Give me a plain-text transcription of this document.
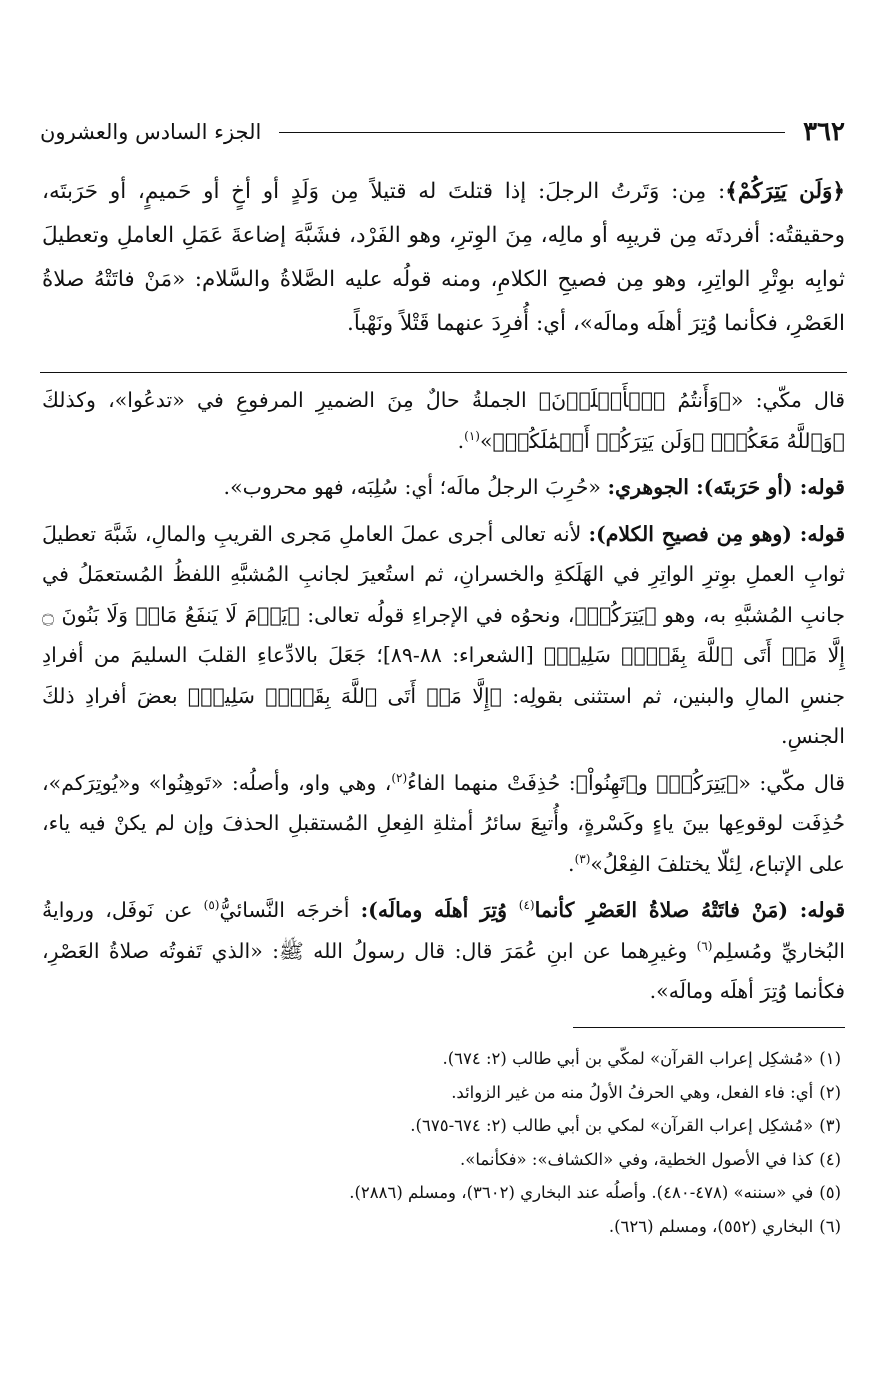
٣٦٢
الجزء السادس والعشرون

﴿وَلَن يَتِرَكُمْ﴾: مِن: وَتَرتُ الرجلَ: إذا قتلتَ له قتيلاً مِن وَلَدٍ أو أخٍ أو حَميمٍ، أو حَرَبتَه، وحقيقتُه: أفردتَه مِن قريبِه أو مالِه، مِنَ الوِترِ، وهو الفَرْد، فشَبَّهَ إضاعةَ عَمَلِ العاملِ وتعطيلَ ثوابِه بوِتْرِ الواتِرِ، وهو مِن فصيحِ الكلامِ، ومنه قولُه عليه الصَّلاةُ والسَّلام: «مَنْ فاتَتْهُ صلاةُ العَصْرِ، فكأنما وُتِرَ أهلَه ومالَه»، أي: أُفرِدَ عنهما قَتْلاً ونَهْباً.

قال مكّي: «﴿وَأَنتُمُ ٱلۡأَعۡلَوۡنَ﴾ الجملةُ حالٌ مِنَ الضميرِ المرفوعِ في «تدعُوا»، وكذلكَ ﴿وَٱللَّهُ مَعَكُمۡ﴾ ﴿وَلَن يَتِرَكُمۡ أَعۡمَٰلَكُمۡ﴾»$^{(١)}$.

قوله: (أو حَرَبتَه): الجوهري: «حُرِبَ الرجلُ مالَه؛ أي: سُلِبَه، فهو محروب».

قوله: (وهو مِن فصيحِ الكلام): لأنه تعالى أجرى عملَ العاملِ مَجرى القريبِ والمالِ، شَبَّهَ تعطيلَ ثوابِ العملِ بوِترِ الواتِرِ في الهَلَكةِ والخسرانِ، ثم استُعيرَ لجانبِ المُشبَّهِ اللفظُ المُستعمَلُ في جانبِ المُشبَّهِ به، وهو ﴿يَتِرَكُمۡ﴾، ونحوُه في الإجراءِ قولُه تعالى: ﴿يَوۡمَ لَا يَنفَعُ مَالٞ وَلَا بَنُونَ ۝ إِلَّا مَنۡ أَتَى ٱللَّهَ بِقَلۡبٖ سَلِيمٖ﴾ [الشعراء: ٨٨-٨٩]؛ جَعَلَ بالادِّعاءِ القلبَ السليمَ من أفرادِ جنسِ المالِ والبنين، ثم استثنى بقولِه: ﴿إِلَّا مَنۡ أَتَى ٱللَّهَ بِقَلۡبٖ سَلِيمٖ﴾ بعضَ أفرادِ ذلكَ الجنسِ.

قال مكّي: «﴿يَتِرَكُمۡ﴾ و﴿تَهِنُواْ﴾: حُذِفَتْ منهما الفاءُ$^{(٢)}$، وهي واو، وأصلُه: «تَوهِنُوا» و«يُوتِرَكم»، حُذِفَت لوقوعِها بينَ ياءٍ وكَسْرةٍ، وأُتبِعَ سائرُ أمثلةِ الفِعلِ المُستقبلِ الحذفَ وإن لم يكنْ فيه ياء، على الإتباع، لِئلّا يختلفَ الفِعْلُ»$^{(٣)}$.

قوله: (مَنْ فاتَتْهُ صلاةُ العَصْرِ كأنما$^{(٤)}$ وُتِرَ أهلَه ومالَه): أخرجَه النَّسائيُّ$^{(٥)}$ عن نَوفَل، وروايةُ البُخاريِّ ومُسلِم$^{(٦)}$ وغيرِهما عن ابنِ عُمَرَ قال: قال رسولُ الله ﷺ: «الذي تَفوتُه صلاةُ العَصْرِ، فكأنما وُتِرَ أهلَه ومالَه».

(١)«مُشكِل إعراب القرآن» لمكّي بن أبي طالب (٢: ٦٧٤).

(٢)أي: فاء الفعل، وهي الحرفُ الأولُ منه من غير الزوائد.

(٣)«مُشكِل إعراب القرآن» لمكي بن أبي طالب (٢: ٦٧٤-٦٧٥).

(٤)كذا في الأصول الخطية، وفي «الكشاف»: «فكأنما».

(٥)في «سننه» (٤٧٨-٤٨٠). وأصلُه عند البخاري (٣٦٠٢)، ومسلم (٢٨٨٦).

(٦)البخاري (٥٥٢)، ومسلم (٦٢٦).
